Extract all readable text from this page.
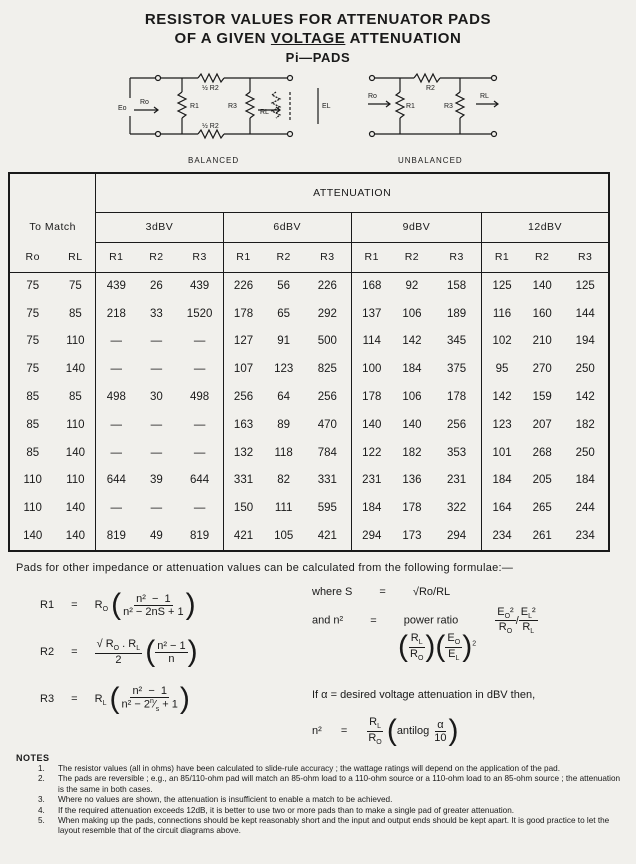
RESISTOR VALUES FOR ATTENUATOR PADS
OF A GIVEN VOLTAGE ATTENUATION
Pi—PADS
Eo
Ro
R1	R3
RL
EL
½ R2
½ R2
BALANCED
Ro
R1
R2
R3
RL
UNBALANCED
		ATTENUATION											
To Match		3dBV			6dBV			9dBV			12dBV		
Ro	RL	R1	R2	R3	R1	R2	R3	R1	R2	R3	R1	R2	R3
75	75	439	26	439	226	56	226	168	92	158	125	140	125
75	85	218	33	1520	178	65	292	137	106	189	116	160	144
75	110	—	—	—	127	91	500	114	142	345	102	210	194
75	140	—	—	—	107	123	825	100	184	375	95	270	250
85	85	498	30	498	256	64	256	178	106	178	142	159	142
85	110	—	—	—	163	89	470	140	140	256	123	207	182
85	140	—	—	—	132	118	784	122	182	353	101	268	250
110	110	644	39	644	331	82	331	231	136	231	184	205	184
110	140	—	—	—	150	111	595	184	178	322	164	265	244
140	140	819	49	819	421	105	421	294	173	294	234	261	234
Pads for other impedance or attenuation values can be calculated from the following formulae:—
$R1 = R_O$ ( $\frac{\text{n²  −  1}}{\text{n² − 2nS + 1}}$ )
$R2 = \frac{√ R_O . R_L}{2}$ ( $\frac{\text{n² − 1}}{n}$ )
$R3 = R_L$ ( $\frac{\text{n²  −  1}}{n^2 - 2^n⁄_s + 1}$ )
where S = √Ro/RL
and n² = power ratio	$\frac{E_O^2}{R_O} / \frac{E_L^2}{R_L}$
( $\frac{R_L}{R_O}$ )( $\frac{E_O}{E_L} )^2$
If α = desired voltage attenuation in dBV then,
$n^2 = \frac{R_L}{R_O}$ (antilog $\frac{\alpha}{10}$ )
NOTES
1.	The resistor values (all in ohms) have been calculated to slide-rule accuracy ; the wattage ratings will depend on the application of the pad.
2.	The pads are reversible ; e.g., an 85/110-ohm pad will match an 85-ohm load to a 110-ohm source or a 110-ohm load to an 85-ohm source ; the attenuation is the same in both cases.
3.	Where no values are shown, the attenuation is insufficient to enable a match to be achieved.
4.	If the required attenuation exceeds 12dB, it is better to use two or more pads than to make a single pad of greater attenuation.
5.	When making up the pads, connections should be kept reasonably short and the input and output ends should be kept apart. It is good practice to let the layout resemble that of the circuit diagrams above.
